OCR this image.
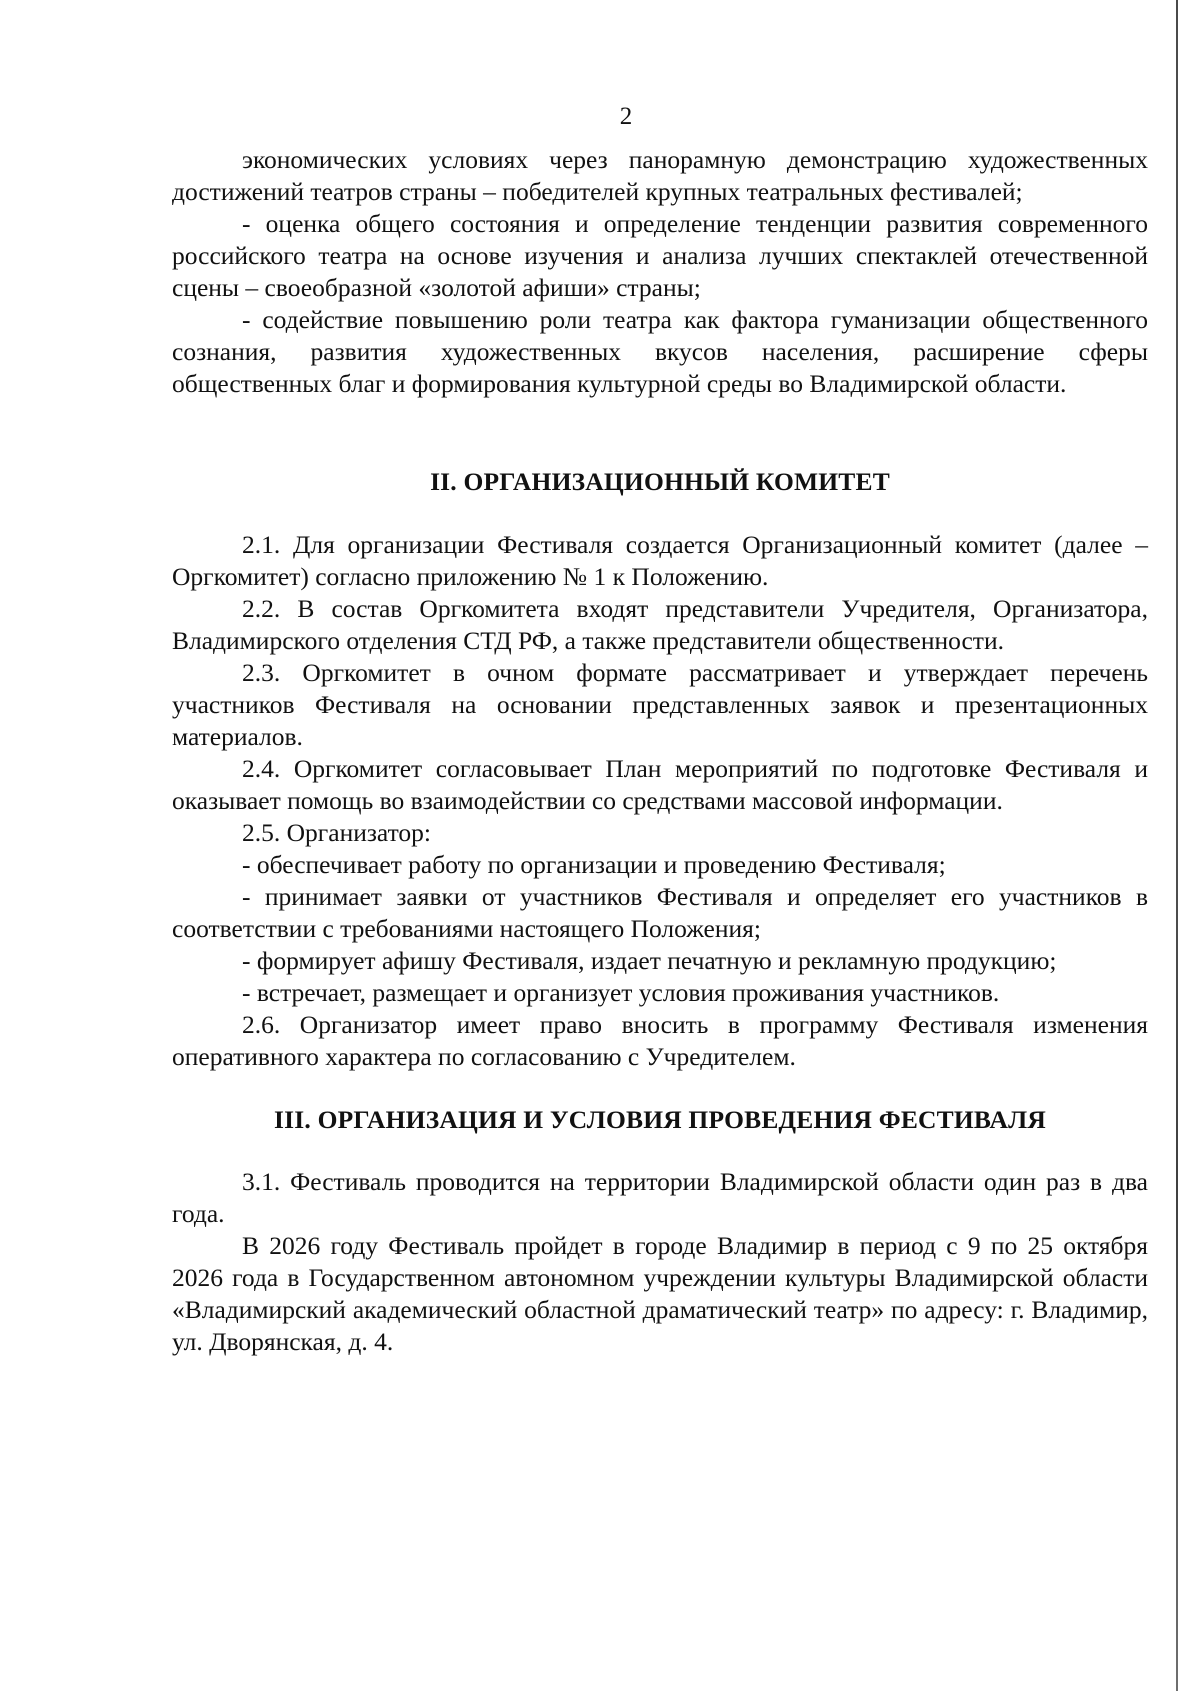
2

экономических условиях через панорамную демонстрацию художественных достижений театров страны – победителей крупных театральных фестивалей;

- оценка общего состояния и определение тенденции развития современного российского театра на основе изучения и анализа лучших спектаклей отечественной сцены – своеобразной «золотой афиши» страны;

- содействие повышению роли театра как фактора гуманизации общественного сознания, развития художественных вкусов населения, расширение сферы общественных благ и формирования культурной среды во Владимирской области.

II. ОРГАНИЗАЦИОННЫЙ КОМИТЕТ

2.1. Для организации Фестиваля создается Организационный комитет (далее – Оргкомитет) согласно приложению № 1 к Положению.

2.2. В состав Оргкомитета входят представители Учредителя, Организатора, Владимирского отделения СТД РФ, а также представители общественности.

2.3. Оргкомитет в очном формате рассматривает и утверждает перечень участников Фестиваля на основании представленных заявок и презентационных материалов.

2.4. Оргкомитет согласовывает План мероприятий по подготовке Фестиваля и оказывает помощь во взаимодействии со средствами массовой информации.

2.5. Организатор:

- обеспечивает работу по организации и проведению Фестиваля;

- принимает заявки от участников Фестиваля и определяет его участников в соответствии с требованиями настоящего Положения;

- формирует афишу Фестиваля, издает печатную и рекламную продукцию;

- встречает, размещает и организует условия проживания участников.

2.6. Организатор имеет право вносить в программу Фестиваля изменения оперативного характера по согласованию с Учредителем.

III. ОРГАНИЗАЦИЯ И УСЛОВИЯ ПРОВЕДЕНИЯ ФЕСТИВАЛЯ

3.1. Фестиваль проводится на территории Владимирской области один раз в два года.

В 2026 году Фестиваль пройдет в городе Владимир в период с 9 по 25 октября 2026 года в Государственном автономном учреждении культуры Владимирской области «Владимирский академический областной драматический театр» по адресу: г. Владимир, ул. Дворянская, д. 4.
